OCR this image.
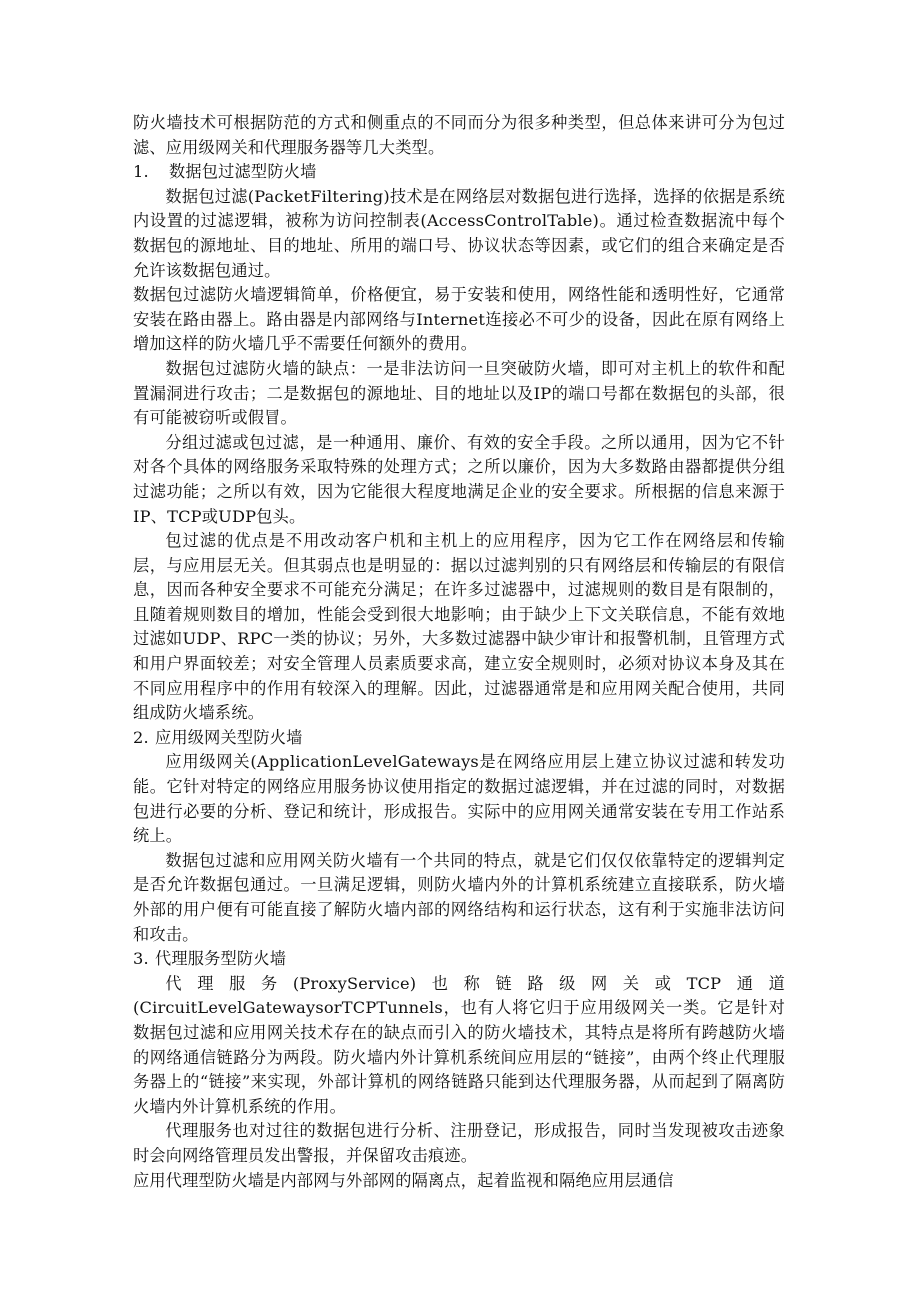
防火墙技术可根据防范的方式和侧重点的不同而分为很多种类型，但总体来讲可分为包过滤、应用级网关和代理服务器等几大类型。

1. 数据包过滤型防火墙

数据包过滤(PacketFiltering)技术是在网络层对数据包进行选择，选择的依据是系统内设置的过滤逻辑，被称为访问控制表(AccessControlTable)。通过检查数据流中每个数据包的源地址、目的地址、所用的端口号、协议状态等因素，或它们的组合来确定是否允许该数据包通过。

数据包过滤防火墙逻辑简单，价格便宜，易于安装和使用，网络性能和透明性好，它通常安装在路由器上。路由器是内部网络与Internet连接必不可少的设备，因此在原有网络上增加这样的防火墙几乎不需要任何额外的费用。

数据包过滤防火墙的缺点：一是非法访问一旦突破防火墙，即可对主机上的软件和配置漏洞进行攻击；二是数据包的源地址、目的地址以及IP的端口号都在数据包的头部，很有可能被窃听或假冒。

分组过滤或包过滤，是一种通用、廉价、有效的安全手段。之所以通用，因为它不针对各个具体的网络服务采取特殊的处理方式；之所以廉价，因为大多数路由器都提供分组过滤功能；之所以有效，因为它能很大程度地满足企业的安全要求。所根据的信息来源于IP、TCP或UDP包头。

包过滤的优点是不用改动客户机和主机上的应用程序，因为它工作在网络层和传输层，与应用层无关。但其弱点也是明显的：据以过滤判别的只有网络层和传输层的有限信息，因而各种安全要求不可能充分满足；在许多过滤器中，过滤规则的数目是有限制的，且随着规则数目的增加，性能会受到很大地影响；由于缺少上下文关联信息，不能有效地过滤如UDP、RPC一类的协议；另外，大多数过滤器中缺少审计和报警机制，且管理方式和用户界面较差；对安全管理人员素质要求高，建立安全规则时，必须对协议本身及其在不同应用程序中的作用有较深入的理解。因此，过滤器通常是和应用网关配合使用，共同组成防火墙系统。

2. 应用级网关型防火墙

应用级网关(ApplicationLevelGateways是在网络应用层上建立协议过滤和转发功能。它针对特定的网络应用服务协议使用指定的数据过滤逻辑，并在过滤的同时，对数据包进行必要的分析、登记和统计，形成报告。实际中的应用网关通常安装在专用工作站系统上。

数据包过滤和应用网关防火墙有一个共同的特点，就是它们仅仅依靠特定的逻辑判定是否允许数据包通过。一旦满足逻辑，则防火墙内外的计算机系统建立直接联系，防火墙外部的用户便有可能直接了解防火墙内部的网络结构和运行状态，这有利于实施非法访问和攻击。

3. 代理服务型防火墙

代理服务(ProxyService)也称链路级网关或TCP通道(CircuitLevelGatewaysorTCPTunnels，也有人将它归于应用级网关一类。它是针对数据包过滤和应用网关技术存在的缺点而引入的防火墙技术，其特点是将所有跨越防火墙的网络通信链路分为两段。防火墙内外计算机系统间应用层的“链接”，由两个终止代理服务器上的“链接”来实现，外部计算机的网络链路只能到达代理服务器，从而起到了隔离防火墙内外计算机系统的作用。

代理服务也对过往的数据包进行分析、注册登记，形成报告，同时当发现被攻击迹象时会向网络管理员发出警报，并保留攻击痕迹。

应用代理型防火墙是内部网与外部网的隔离点，起着监视和隔绝应用层通信
